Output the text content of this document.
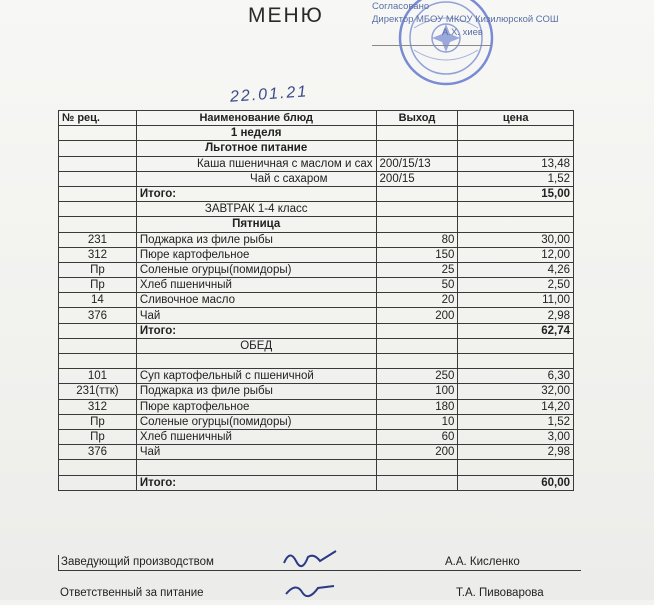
МЕНЮ	Согласовано
Директор МБОУ МКОУ Кизилюрской СОШ
А.Х. хиев
22.01.21
№ рец.	Наименование блюд	Выход	цена
	1 неделя		
	Льготное питание		
	Каша пшеничная с маслом и сах	200/15/13	13,48
	Чай с сахаром	200/15	1,52
	Итого:		15,00
	ЗАВТРАК 1-4 класс		
	Пятница		
231	Поджарка из филе рыбы	80	30,00
312	Пюре картофельное	150	12,00
Пр	Соленые огурцы(помидоры)	25	4,26
Пр	Хлеб пшеничный	50	2,50
14	Сливочное масло	20	11,00
376	Чай	200	2,98
	Итого:		62,74
	ОБЕД		

101	Суп картофельный с пшеничной	250	6,30
231(ттк)	Поджарка из филе рыбы	100	32,00
312	Пюре картофельное	180	14,20
Пр	Соленые огурцы(помидоры)	10	1,52
Пр	Хлеб пшеничный	60	3,00
376	Чай	200	2,98

	Итого:		60,00
Заведующий производством	А.А. Кисленко
Ответственный за питание	Т.А. Пивоварова
